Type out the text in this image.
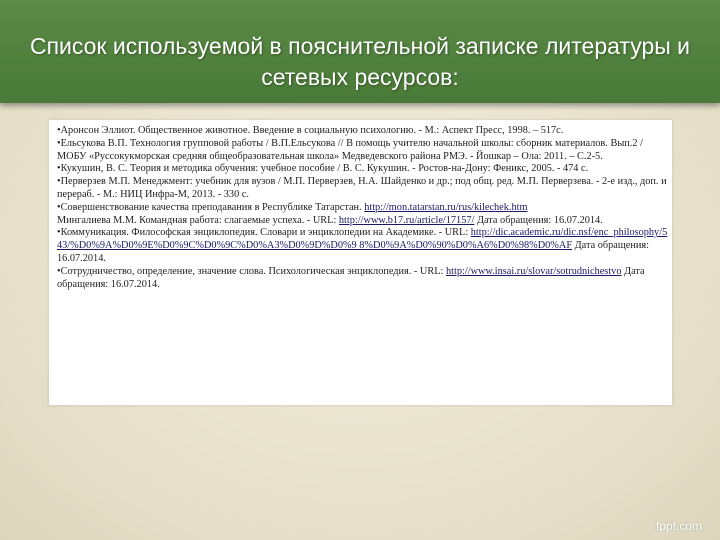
Список используемой в пояснительной записке литературы и сетевых ресурсов:
•Аронсон Эллиот. Общественное животное. Введение в социальную психологию. - М.: Аспект Пресс, 1998. – 517с.
•Ельсукова В.П. Технология групповой работы / В.П.Ельсукова // В помощь учителю начальной школы: сборник материалов. Вып.2 / МОБУ «Руссокукморская средняя общеобразовательная школа» Медведевского района РМЭ. - Йошкар – Ола: 2011. – С.2-5.
•Кукушин, В. С. Теория и методика обучения: учебное пособие / В. С. Кукушин. - Ростов-на-Дону: Феникс, 2005. - 474 с.
•Перверзев М.П. Менеджмент: учебник для вузов / М.П. Перверзев, Н.А. Шайденко и др.; под общ. ред. М.П. Перверзева. - 2-е изд., доп. и перераб. - М.: НИЦ Инфра-М, 2013. - 330 с.
•Совершенствование качества преподавания в Республике Татарстан. http://mon.tatarstan.ru/rus/kilechek.htm
Мингалиева М.М. Командная работа: слагаемые успеха. - URL: http://www.b17.ru/article/17157/ Дата обращения: 16.07.2014.
•Коммуникация. Философская энциклопедия. Словари и энциклопедии на Академике. - URL: http://dic.academic.ru/dic.nsf/enc_philosophy/543/%D0%9A%D0%9E%D0%9C%D0%9C%D0%A3%D0%9D%D0%9 8%D0%9A%D0%90%D0%A6%D0%98%D0%AF Дата обращения: 16.07.2014.
•Сотрудничество, определение, значение слова. Психологическая энциклопедия. - URL: http://www.insai.ru/slovar/sotrudnichestvo Дата обращения: 16.07.2014.
fppt.com
